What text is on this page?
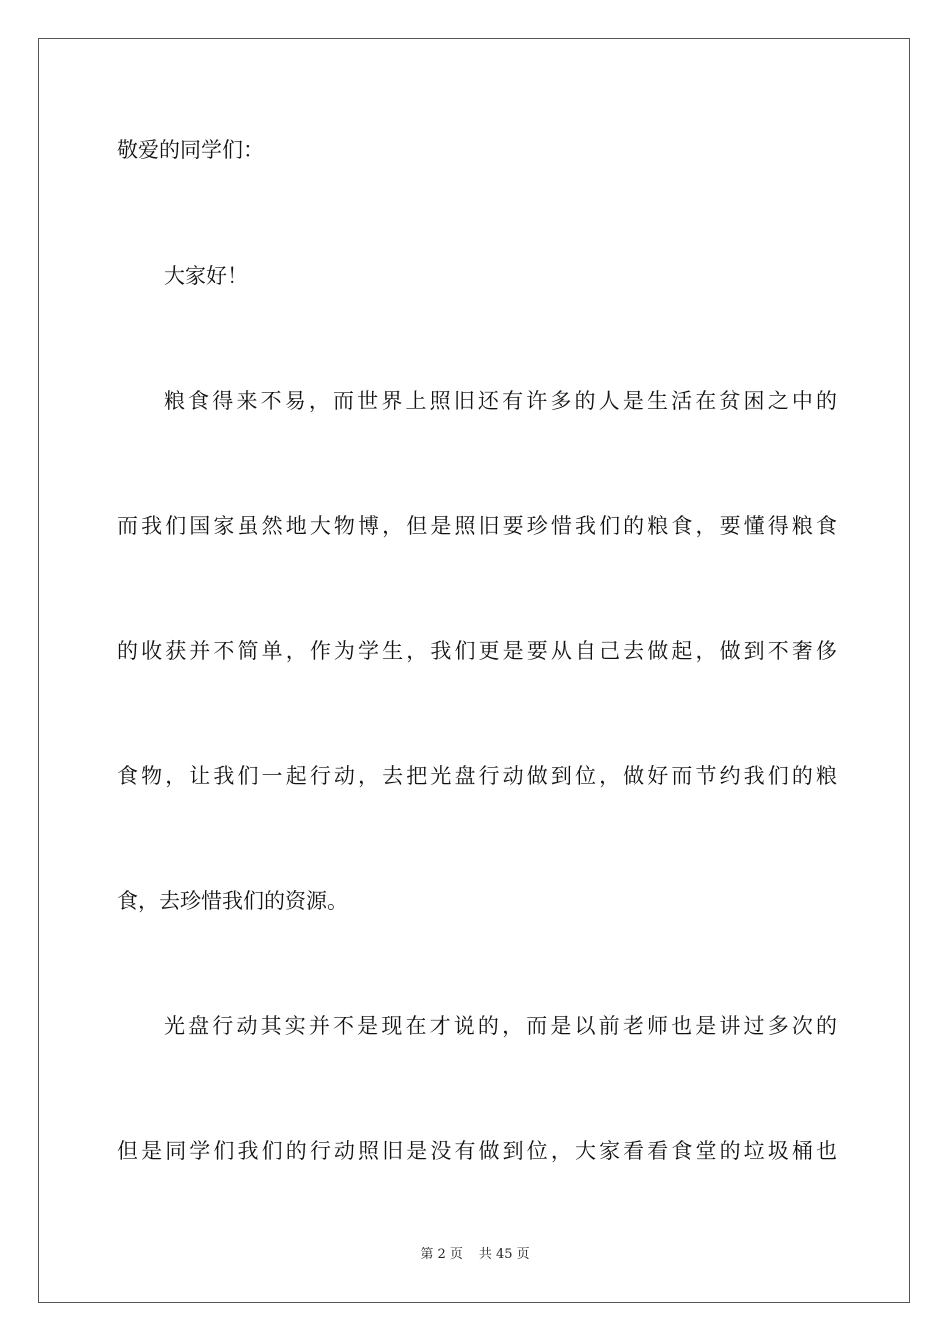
敬爱的同学们：
大家好！
粮食得来不易，而世界上照旧还有许多的人是生活在贫困之中的
而我们国家虽然地大物博，但是照旧要珍惜我们的粮食，要懂得粮食
的收获并不简单，作为学生，我们更是要从自己去做起，做到不奢侈
食物，让我们一起行动，去把光盘行动做到位，做好而节约我们的粮
食，去珍惜我们的资源。
光盘行动其实并不是现在才说的，而是以前老师也是讲过多次的
但是同学们我们的行动照旧是没有做到位，大家看看食堂的垃圾桶也
第 2 页 共 45 页
